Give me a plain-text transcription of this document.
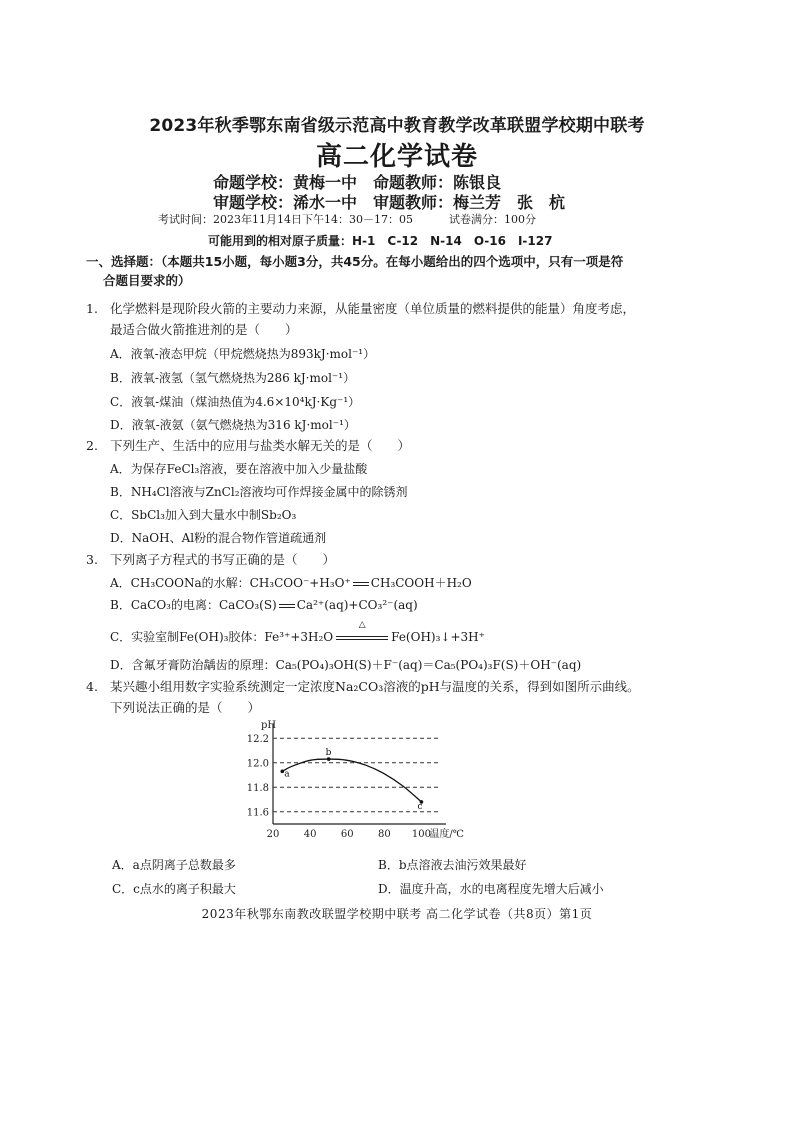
2023年秋季鄂东南省级示范高中教育教学改革联盟学校期中联考
高二化学试卷
命题学校：黄梅一中 命题教师：陈银良
审题学校：浠水一中 审题教师：梅兰芳　张　杭
考试时间：2023年11月14日下午14：30－17：05	试卷满分：100分
可能用到的相对原子质量：H-1　C-12　N-14　O-16　I-127
一、选择题：（本题共15小题，每小题3分，共45分。在每小题给出的四个选项中，只有一项是符
合题目要求的）
1. 化学燃料是现阶段火箭的主要动力来源，从能量密度（单位质量的燃料提供的能量）角度考虑，
最适合做火箭推进剂的是（　　）
A．液氧-液态甲烷（甲烷燃烧热为893kJ·mol⁻¹）
B．液氧-液氢（氢气燃烧热为286 kJ·mol⁻¹）
C．液氧-煤油（煤油热值为4.6×10⁴kJ·Kg⁻¹）
D．液氧-液氨（氨气燃烧热为316 kJ·mol⁻¹）
2. 下列生产、生活中的应用与盐类水解无关的是（　　）
A．为保存FeCl₃溶液，要在溶液中加入少量盐酸
B．NH₄Cl溶液与ZnCl₂溶液均可作焊接金属中的除锈剂
C．SbCl₃加入到大量水中制Sb₂O₃
D．NaOH、Al粉的混合物作管道疏通剂
3. 下列离子方程式的书写正确的是（　　）
A．CH₃COONa的水解：CH₃COO⁻+H₃O⁺ CH₃COOH＋H₂O
B．CaCO₃的电离：CaCO₃(S) Ca²⁺(aq)+CO₃²⁻(aq)
C．实验室制Fe(OH)₃胶体：Fe³⁺+3H₂O
△
Fe(OH)₃↓+3H⁺
D．含氟牙膏防治龋齿的原理：Ca₅(PO₄)₃OH(S)＋F⁻(aq)＝Ca₅(PO₄)₃F(S)＋OH⁻(aq)
4. 某兴趣小组用数字实验系统测定一定浓度Na₂CO₃溶液的pH与温度的关系，得到如图所示曲线。
下列说法正确的是（　　）
12.2
12.0
11.8
11.6
20 40 60 80 100
pH
温度/℃
a
b
c
A．a点阴离子总数最多	B．b点溶液去油污效果最好
C．c点水的离子积最大	D．温度升高，水的电离程度先增大后减小
2023年秋鄂东南教改联盟学校期中联考 高二化学试卷（共8页）第1页
